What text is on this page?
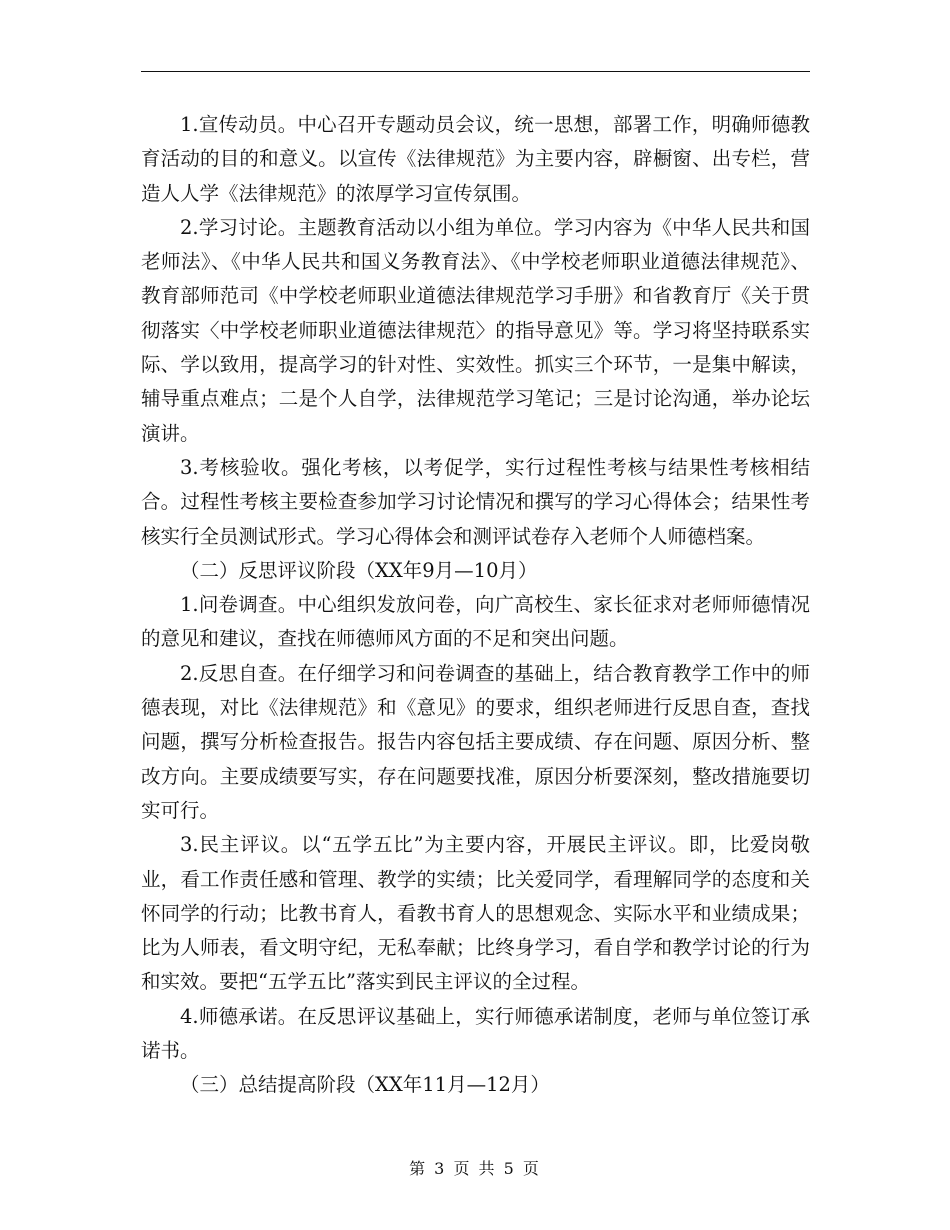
1.宣传动员。中心召开专题动员会议，统一思想，部署工作，明确师德教育活动的目的和意义。以宣传《法律规范》为主要内容，辟橱窗、出专栏，营造人人学《法律规范》的浓厚学习宣传氛围。

2.学习讨论。主题教育活动以小组为单位。学习内容为《中华人民共和国老师法》、《中华人民共和国义务教育法》、《中学校老师职业道德法律规范》、教育部师范司《中学校老师职业道德法律规范学习手册》和省教育厅《关于贯彻落实〈中学校老师职业道德法律规范〉的指导意见》等。学习将坚持联系实际、学以致用，提高学习的针对性、实效性。抓实三个环节，一是集中解读，辅导重点难点；二是个人自学，法律规范学习笔记；三是讨论沟通，举办论坛演讲。

3.考核验收。强化考核，以考促学，实行过程性考核与结果性考核相结合。过程性考核主要检查参加学习讨论情况和撰写的学习心得体会；结果性考核实行全员测试形式。学习心得体会和测评试卷存入老师个人师德档案。

（二）反思评议阶段（XX年9月—10月）

1.问卷调查。中心组织发放问卷，向广高校生、家长征求对老师师德情况的意见和建议，查找在师德师风方面的不足和突出问题。

2.反思自查。在仔细学习和问卷调查的基础上，结合教育教学工作中的师德表现，对比《法律规范》和《意见》的要求，组织老师进行反思自查，查找问题，撰写分析检查报告。报告内容包括主要成绩、存在问题、原因分析、整改方向。主要成绩要写实，存在问题要找准，原因分析要深刻，整改措施要切实可行。

3.民主评议。以“五学五比”为主要内容，开展民主评议。即，比爱岗敬业，看工作责任感和管理、教学的实绩；比关爱同学，看理解同学的态度和关怀同学的行动；比教书育人，看教书育人的思想观念、实际水平和业绩成果；比为人师表，看文明守纪，无私奉献；比终身学习，看自学和教学讨论的行为和实效。要把“五学五比”落实到民主评议的全过程。

4.师德承诺。在反思评议基础上，实行师德承诺制度，老师与单位签订承诺书。

（三）总结提高阶段（XX年11月—12月）

第 3 页 共 5 页
